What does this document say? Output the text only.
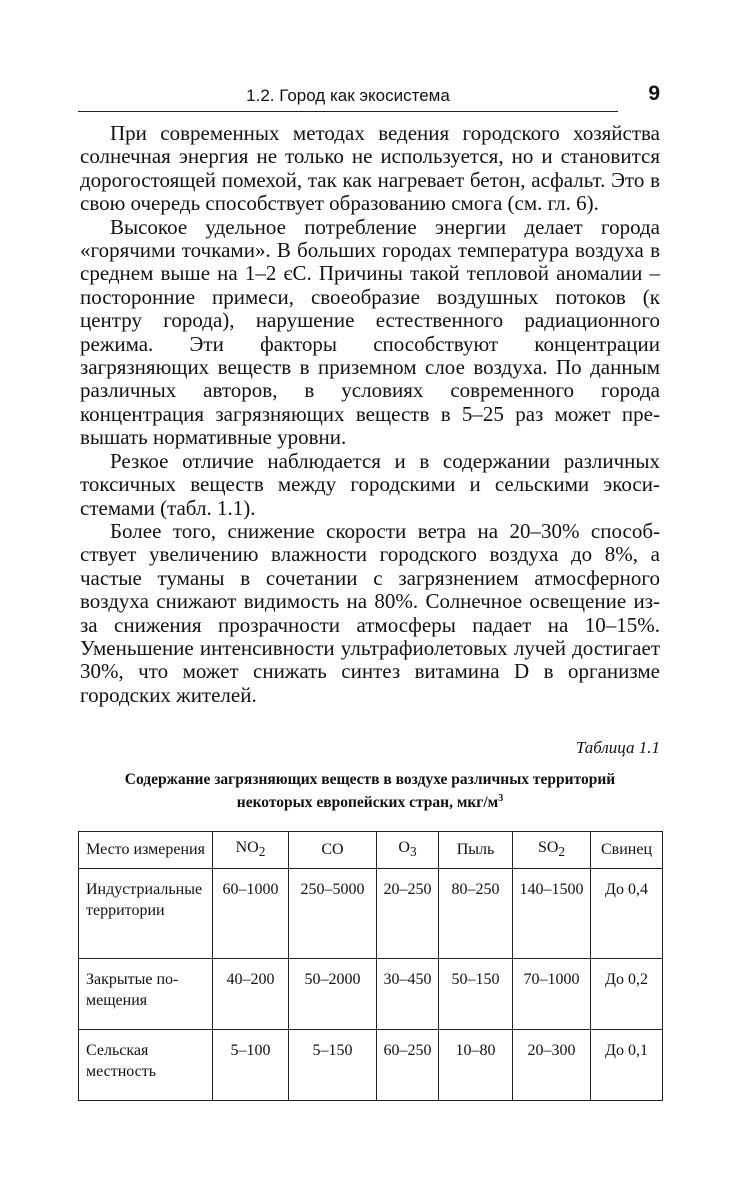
1.2. Город как экосистема	9

При современных методах ведения городского хозяйства солнечная энергия не только не используется, но и становится дорогостоящей помехой, так как нагревает бетон, асфальт. Это в свою очередь способствует образованию смога (см. гл. 6).

Высокое удельное потребление энергии делает города «горячими точками». В больших городах температура воздуха в среднем выше на 1–2 єС. Причины такой тепловой аномалии – посторонние примеси, своеобразие воздушных потоков (к центру города), нарушение естественного радиационного режима. Эти факторы способствуют концентрации загрязняющих веществ в приземном слое воздуха. По данным различных авторов, в условиях современного города концентрация загрязняющих веществ в 5–25 раз может превышать нормативные уровни.

Резкое отличие наблюдается и в содержании различных токсичных веществ между городскими и сельскими экосистемами (табл. 1.1).

Более того, снижение скорости ветра на 20–30% способствует увеличению влажности городского воздуха до 8%, а частые туманы в сочетании с загрязнением атмосферного воздуха снижают видимость на 80%. Солнечное освещение из-за снижения прозрачности атмосферы падает на 10–15%. Уменьшение интенсивности ультрафиолетовых лучей достигает 30%, что может снижать синтез витамина D в организме городских жителей.

Таблица 1.1
Содержание загрязняющих веществ в воздухе различных территорий
некоторых европейских стран, мкг/$м^3$
Место измерения	$NO_2$	CO	$O_3$	Пыль	$SO_2$	Свинец
Индустриальные территории	60–1000	250–5000	20–250	80–250	140–1500	До 0,4
Закрытые помещения	40–200	50–2000	30–450	50–150	70–1000	До 0,2
Сельская местность	5–100	5–150	60–250	10–80	20–300	До 0,1
